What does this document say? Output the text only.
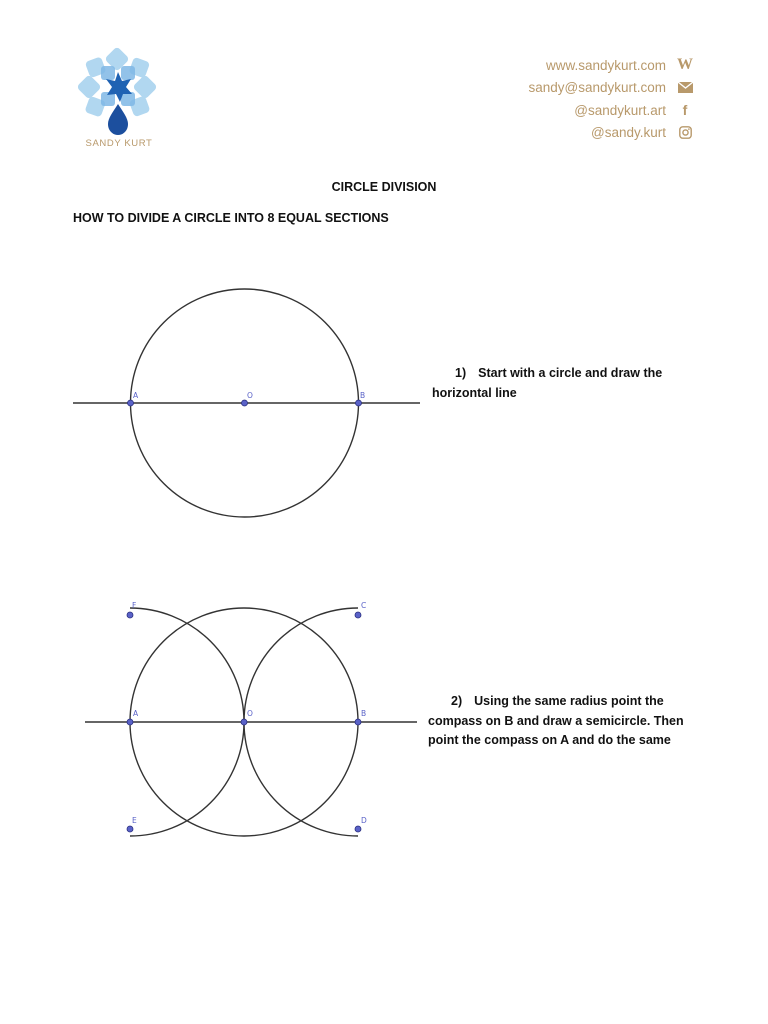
SANDY KURT
www.sandykurt.com W
sandy@sandykurt.com
@sandykurt.art f
@sandy.kurt
CIRCLE DIVISION
HOW TO DIVIDE A CIRCLE INTO 8 EQUAL SECTIONS
A	O	B
1) Start with a circle and draw the
horizontal line
F	C
A	O	B
E	D
2) Using the same radius point the
compass on B and draw a semicircle. Then
point the compass on A and do the same
